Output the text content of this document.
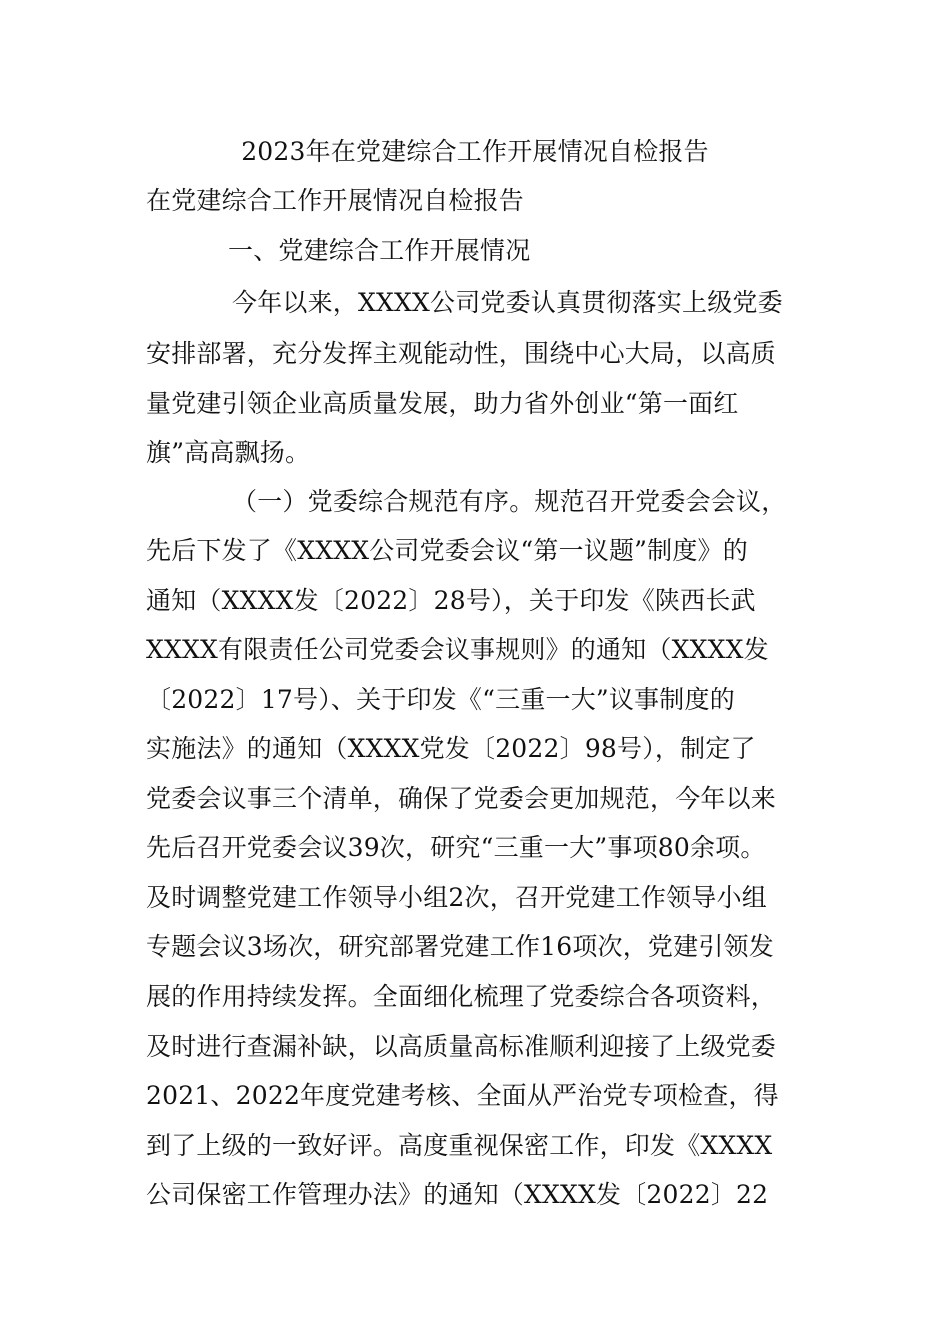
2023年在党建综合工作开展情况自检报告
在党建综合工作开展情况自检报告
一、党建综合工作开展情况
今年以来，XXXX公司党委认真贯彻落实上级党委
安排部署，充分发挥主观能动性，围绕中心大局，以高质
量党建引领企业高质量发展，助力省外创业“第一面红
旗”高高飘扬。
（一）党委综合规范有序。规范召开党委会会议，
先后下发了《XXXX公司党委会议“第一议题”制度》的
通知（XXXX发〔2022〕28号），关于印发《陕西长武
XXXX有限责任公司党委会议事规则》的通知（XXXX发
〔2022〕17号）、关于印发《“三重一大”议事制度的
实施法》的通知（XXXX党发〔2022〕98号），制定了
党委会议事三个清单，确保了党委会更加规范，今年以来
先后召开党委会议39次，研究“三重一大”事项80余项。
及时调整党建工作领导小组2次，召开党建工作领导小组
专题会议3场次，研究部署党建工作16项次，党建引领发
展的作用持续发挥。全面细化梳理了党委综合各项资料，
及时进行查漏补缺，以高质量高标准顺利迎接了上级党委
2021、2022年度党建考核、全面从严治党专项检查，得
到了上级的一致好评。高度重视保密工作，印发《XXXX
公司保密工作管理办法》的通知（XXXX发〔2022〕22
